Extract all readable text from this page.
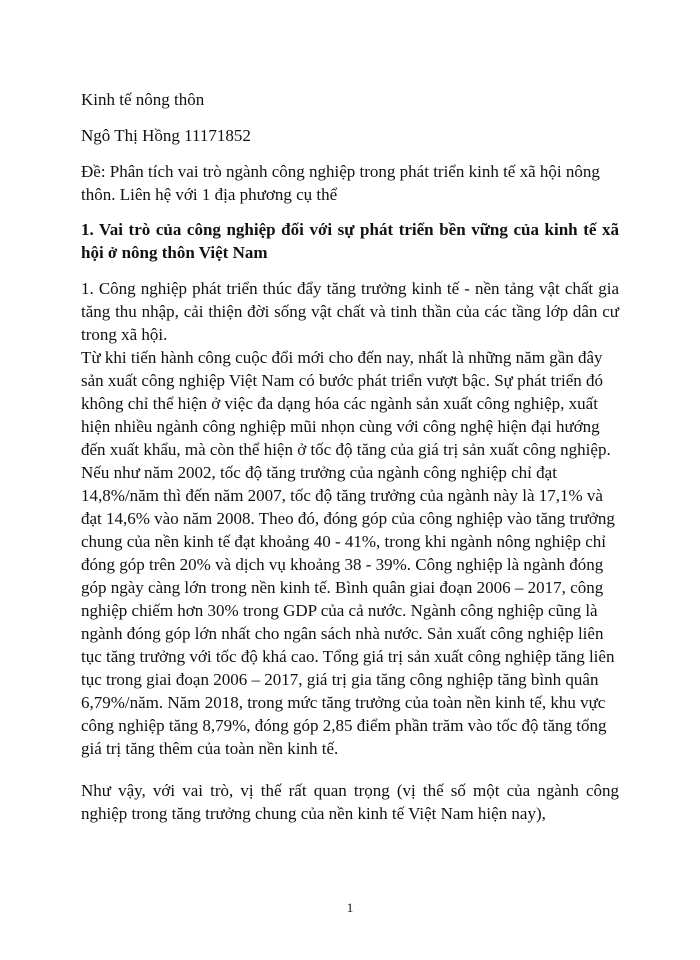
Kinh tế nông thôn

Ngô Thị Hồng 11171852

Đề: Phân tích vai trò ngành công nghiệp trong phát triển kinh tế xã hội nông thôn. Liên hệ với 1 địa phương cụ thể

1. Vai trò của công nghiệp đối với sự phát triển bền vững của kinh tế xã hội ở nông thôn Việt Nam

1. Công nghiệp phát triển thúc đẩy tăng trưởng kinh tế - nền tảng vật chất gia tăng thu nhập, cải thiện đời sống vật chất và tinh thần của các tầng lớp dân cư trong xã hội.

Từ khi tiến hành công cuộc đổi mới cho đến nay, nhất là những năm gần đây sản xuất công nghiệp Việt Nam có bước phát triển vượt bậc. Sự phát triển đó không chỉ thể hiện ở việc đa dạng hóa các ngành sản xuất công nghiệp, xuất hiện nhiều ngành công nghiệp mũi nhọn cùng với công nghệ hiện đại hướng đến xuất khẩu, mà còn thể hiện ở tốc độ tăng của giá trị sản xuất công nghiệp. Nếu như năm 2002, tốc độ tăng trưởng của ngành công nghiệp chỉ đạt 14,8%/năm thì đến năm 2007, tốc độ tăng trưởng của ngành này là 17,1% và đạt 14,6% vào năm 2008. Theo đó, đóng góp của công nghiệp vào tăng trưởng chung của nền kinh tế đạt khoảng 40 - 41%, trong khi ngành nông nghiệp chỉ đóng góp trên 20% và dịch vụ khoảng 38 - 39%. Công nghiệp là ngành đóng góp ngày càng lớn trong nền kinh tế. Bình quân giai đoạn 2006 – 2017, công nghiệp chiếm hơn 30% trong GDP của cả nước. Ngành công nghiệp cũng là ngành đóng góp lớn nhất cho ngân sách nhà nước. Sản xuất công nghiệp liên tục tăng trưởng với tốc độ khá cao. Tổng giá trị sản xuất công nghiệp tăng liên tục trong giai đoạn 2006 – 2017, giá trị gia tăng công nghiệp tăng bình quân 6,79%/năm. Năm 2018, trong mức tăng trưởng của toàn nền kinh tế, khu vực công nghiệp tăng 8,79%, đóng góp 2,85 điểm phần trăm vào tốc độ tăng tổng giá trị tăng thêm của toàn nền kinh tế.

Như vậy, với vai trò, vị thế rất quan trọng (vị thế số một của ngành công nghiệp trong tăng trưởng chung của nền kinh tế Việt Nam hiện nay),

1
